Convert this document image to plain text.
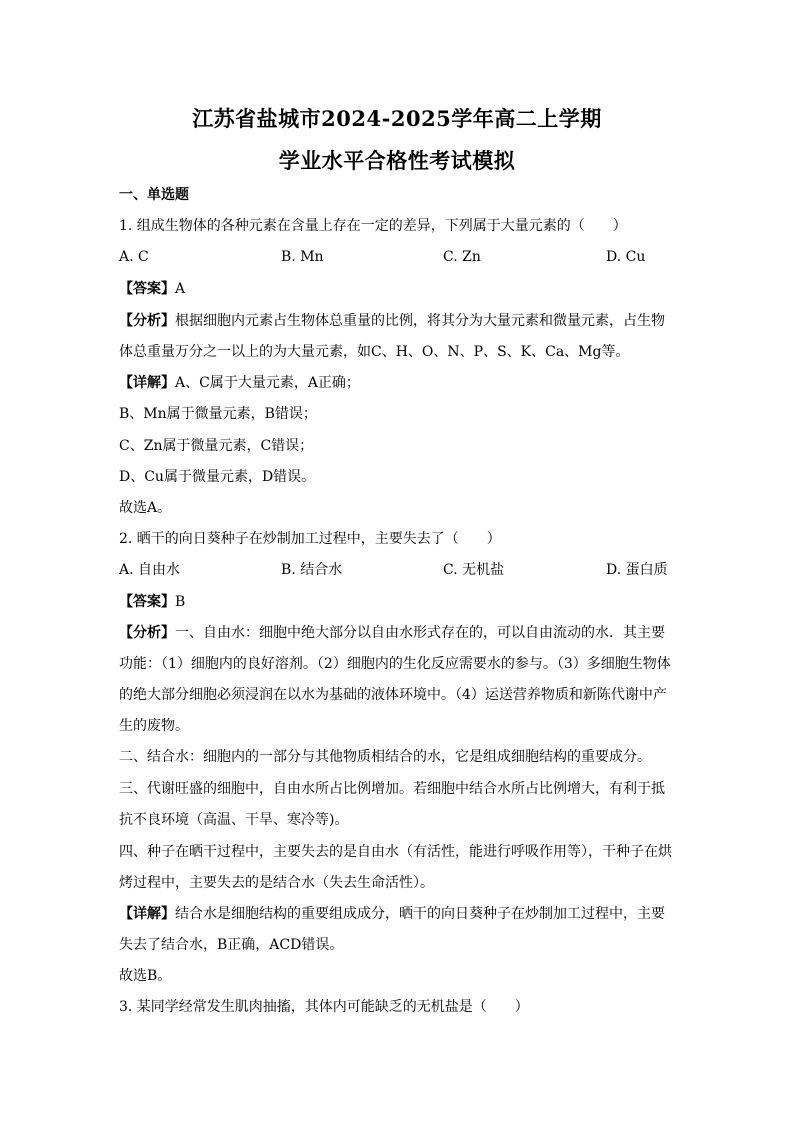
江苏省盐城市2024-2025学年高二上学期
学业水平合格性考试模拟
一、单选题
1. 组成生物体的各种元素在含量上存在一定的差异，下列属于大量元素的（　　）
A. C	B. Mn	C. Zn	D. Cu
【答案】A
【分析】根据细胞内元素占生物体总重量的比例，将其分为大量元素和微量元素，占生物
体总重量万分之一以上的为大量元素，如C、H、O、N、P、S、K、Ca、Mg等。
【详解】A、C属于大量元素，A正确；
B、Mn属于微量元素，B错误；
C、Zn属于微量元素，C错误；
D、Cu属于微量元素，D错误。
故选A。
2. 晒干的向日葵种子在炒制加工过程中，主要失去了（　　）
A. 自由水	B. 结合水	C. 无机盐	D. 蛋白质
【答案】B
【分析】一、自由水：细胞中绝大部分以自由水形式存在的，可以自由流动的水．其主要
功能：（1）细胞内的良好溶剂。（2）细胞内的生化反应需要水的参与。（3）多细胞生物体
的绝大部分细胞必须浸润在以水为基础的液体环境中。（4）运送营养物质和新陈代谢中产
生的废物。
二、结合水：细胞内的一部分与其他物质相结合的水，它是组成细胞结构的重要成分。
三、代谢旺盛的细胞中，自由水所占比例增加。若细胞中结合水所占比例增大，有利于抵
抗不良环境（高温、干旱、寒冷等)。
四、种子在晒干过程中，主要失去的是自由水（有活性，能进行呼吸作用等），干种子在烘
烤过程中，主要失去的是结合水（失去生命活性）。
【详解】结合水是细胞结构的重要组成成分，晒干的向日葵种子在炒制加工过程中，主要
失去了结合水，B正确，ACD错误。
故选B。
3. 某同学经常发生肌肉抽搐，其体内可能缺乏的无机盐是（　　）
